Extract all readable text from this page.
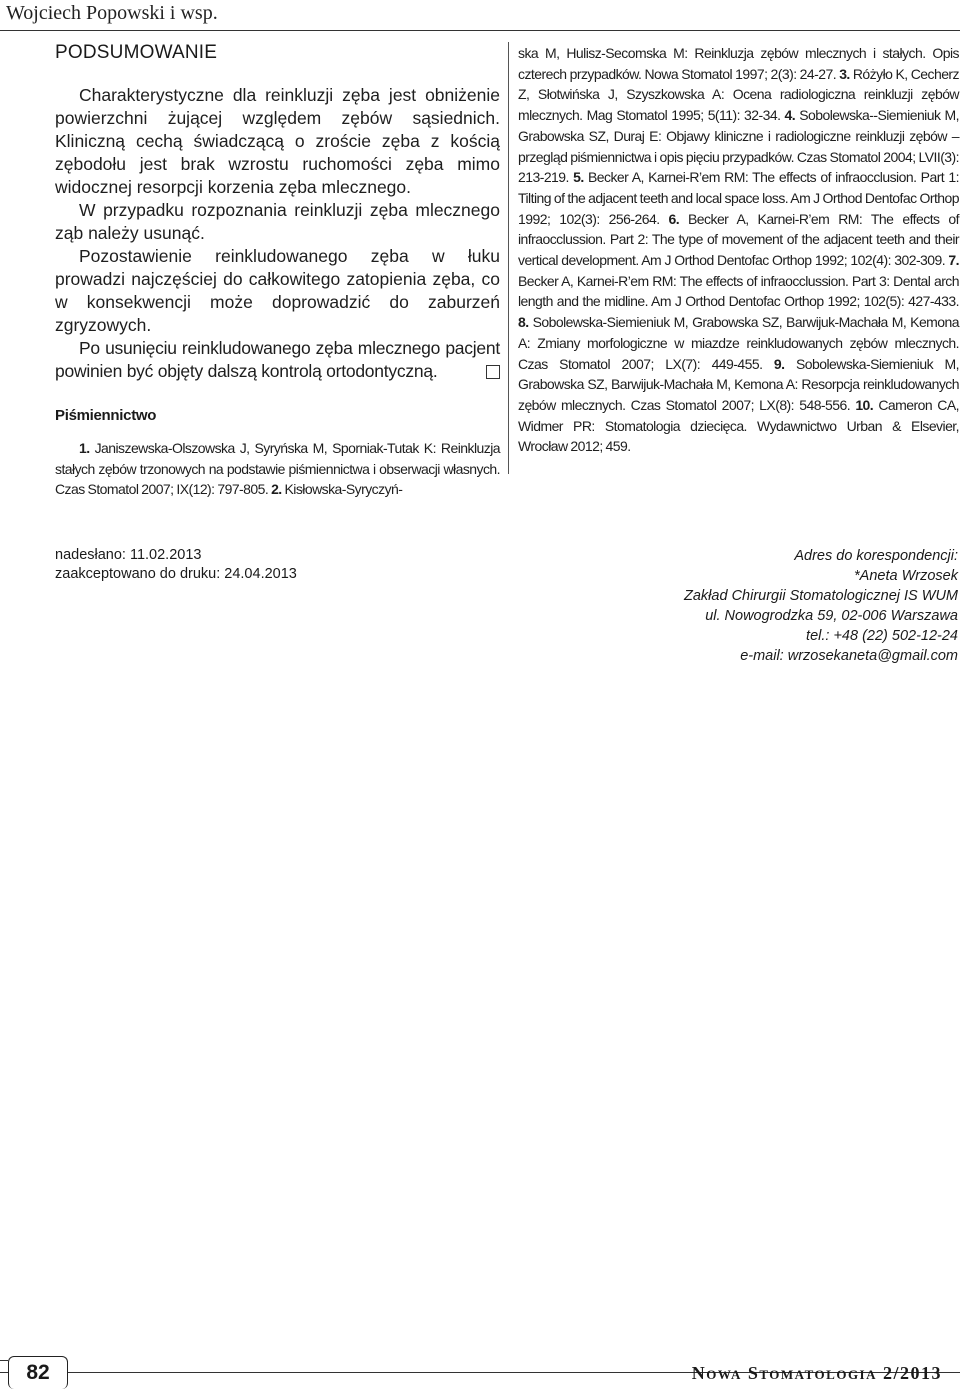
Wojciech Popowski i wsp.
PODSUMOWANIE

Charakterystyczne dla reinkluzji zęba jest obniżenie powierzchni żującej względem zębów sąsiednich. Kliniczną cechą świadczącą o zroście zęba z kością zębodołu jest brak wzrostu ruchomości zęba mimo widocznej resorpcji korzenia zęba mlecznego.

W przypadku rozpoznania reinkluzji zęba mlecznego ząb należy usunąć.

Pozostawienie reinkludowanego zęba w łuku prowadzi najczęściej do całkowitego zatopienia zęba, co w konsekwencji może doprowadzić do zaburzeń zgryzowych.

Po usunięciu reinkludowanego zęba mlecznego pacjent powinien być objęty dalszą kontrolą ortodontyczną.

Piśmiennictwo

1. Janiszewska-Olszowska J, Syryńska M, Sporniak-Tutak K: Reinkluzja stałych zębów trzonowych na podstawie piśmiennictwa i obserwacji własnych. Czas Stomatol 2007; IX(12): 797-805. 2. Kisłowska-Syryczyń-

ska M, Hulisz-Secomska M: Reinkluzja zębów mlecznych i stałych. Opis czterech przypadków. Nowa Stomatol 1997; 2(3): 24-27. 3. Różyło K, Cecherz Z, Słotwińska J, Szyszkowska A: Ocena radiologiczna reinkluzji zębów mlecznych. Mag Stomatol 1995; 5(11): 32-34. 4. Sobolewska--Siemieniuk M, Grabowska SZ, Duraj E: Objawy kliniczne i radiologiczne reinkluzji zębów – przegląd piśmiennictwa i opis pięciu przypadków. Czas Stomatol 2004; LVII(3): 213-219. 5. Becker A, Karnei-R’em RM: The effects of infraocclusion. Part 1: Tilting of the adjacent teeth and local space loss. Am J Orthod Dentofac Orthop 1992; 102(3): 256-264. 6. Becker A, Karnei-R’em RM: The effects of infraocclussion. Part 2: The type of movement of the adjacent teeth and their vertical development. Am J Orthod Dentofac Orthop 1992; 102(4): 302-309. 7. Becker A, Karnei-R’em RM: The effects of infraocclussion. Part 3: Dental arch length and the midline. Am J Orthod Dentofac Orthop 1992; 102(5): 427-433. 8. Sobolewska-Siemieniuk M, Grabowska SZ, Barwijuk-Machała M, Kemona A: Zmiany morfologiczne w miazdze reinkludowanych zębów mlecznych. Czas Stomatol 2007; LX(7): 449-455. 9. Sobolewska-Siemieniuk M, Grabowska SZ, Barwijuk-Machała M, Kemona A: Resorpcja reinkludowanych zębów mlecznych. Czas Stomatol 2007; LX(8): 548-556. 10. Cameron CA, Widmer PR: Stomatologia dziecięca. Wydawnictwo Urban & Elsevier, Wrocław 2012; 459.

nadesłano: 11.02.2013
zaakceptowano do druku: 24.04.2013
Adres do korespondencji:
*Aneta Wrzosek
Zakład Chirurgii Stomatologicznej IS WUM
ul. Nowogrodzka 59, 02-006 Warszawa
tel.: +48 (22) 502-12-24
e-mail: wrzosekaneta@gmail.com
82	Nowa Stomatologia 2/2013
